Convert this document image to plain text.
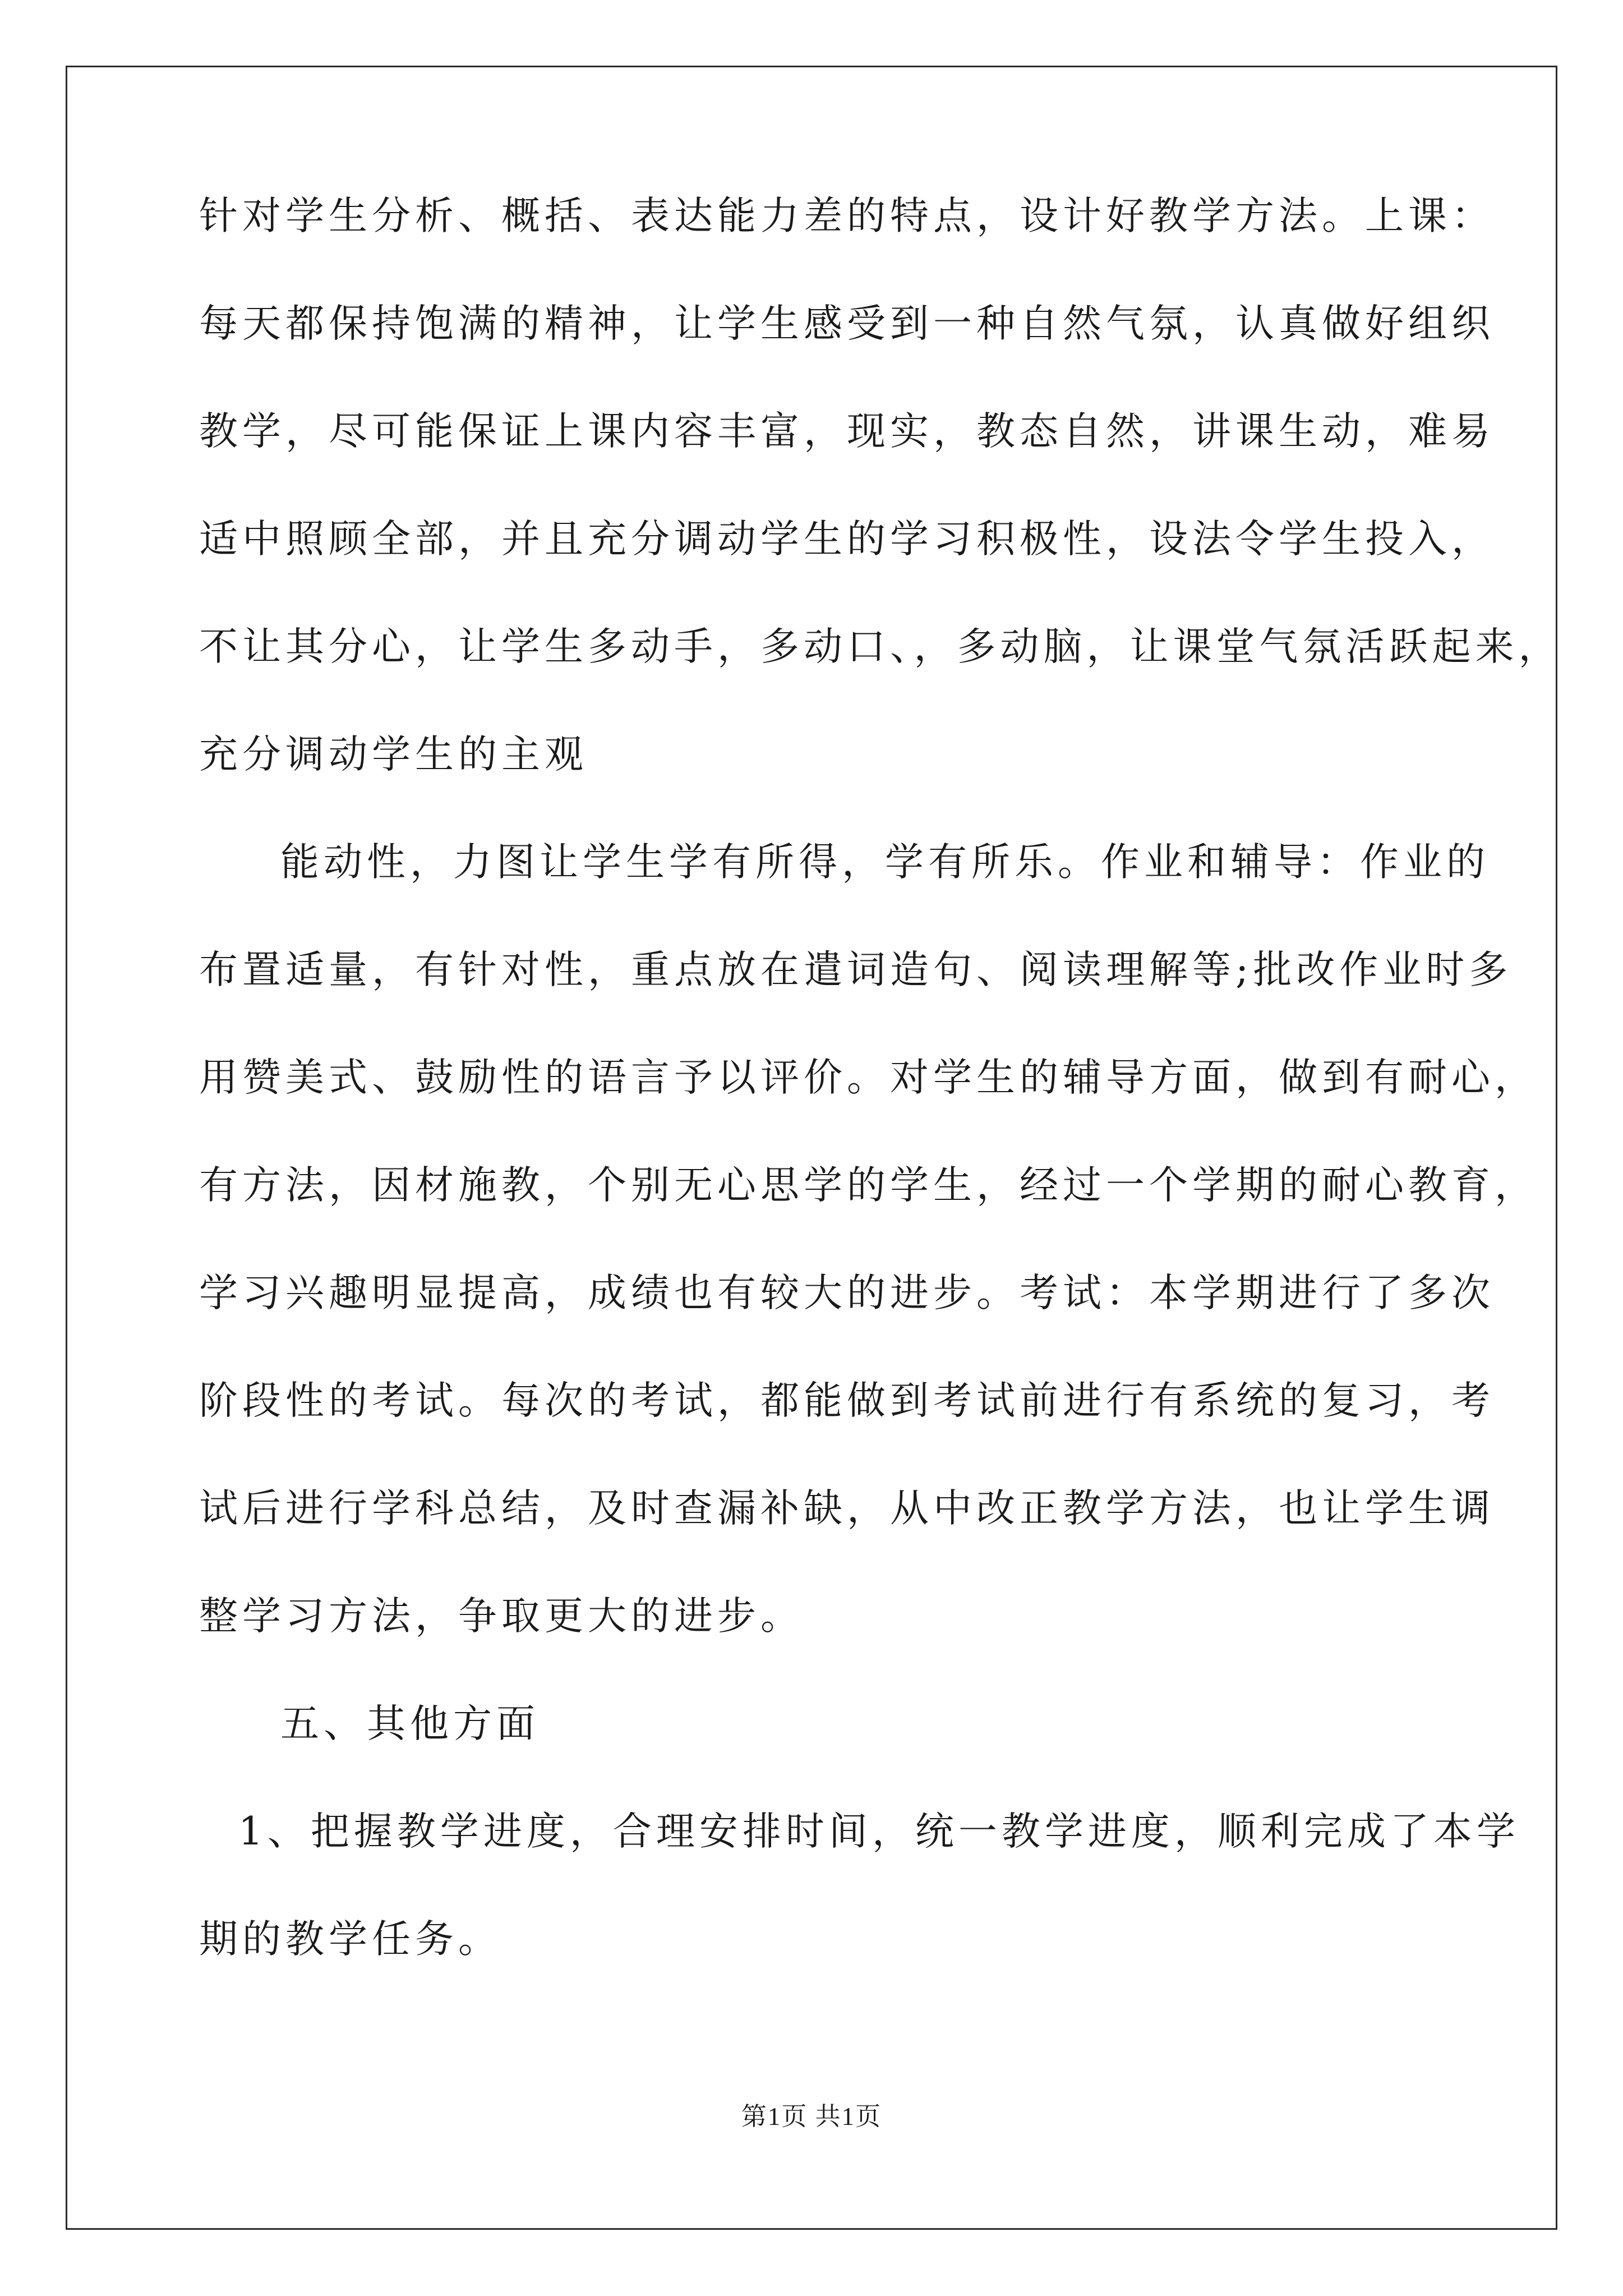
针对学生分析、概括、表达能力差的特点，设计好教学方法。上课：
每天都保持饱满的精神，让学生感受到一种自然气氛，认真做好组织
教学，尽可能保证上课内容丰富，现实，教态自然，讲课生动，难易
适中照顾全部，并且充分调动学生的学习积极性，设法令学生投入，
不让其分心，让学生多动手，多动口、，多动脑，让课堂气氛活跃起来，
充分调动学生的主观
能动性，力图让学生学有所得，学有所乐。作业和辅导：作业的
布置适量，有针对性，重点放在遣词造句、阅读理解等;批改作业时多
用赞美式、鼓励性的语言予以评价。对学生的辅导方面，做到有耐心，
有方法，因材施教，个别无心思学的学生，经过一个学期的耐心教育，
学习兴趣明显提高，成绩也有较大的进步。考试：本学期进行了多次
阶段性的考试。每次的考试，都能做到考试前进行有系统的复习，考
试后进行学科总结，及时查漏补缺，从中改正教学方法，也让学生调
整学习方法，争取更大的进步。
五、其他方面
1、把握教学进度，合理安排时间，统一教学进度，顺利完成了本学
期的教学任务。
第1页 共1页
